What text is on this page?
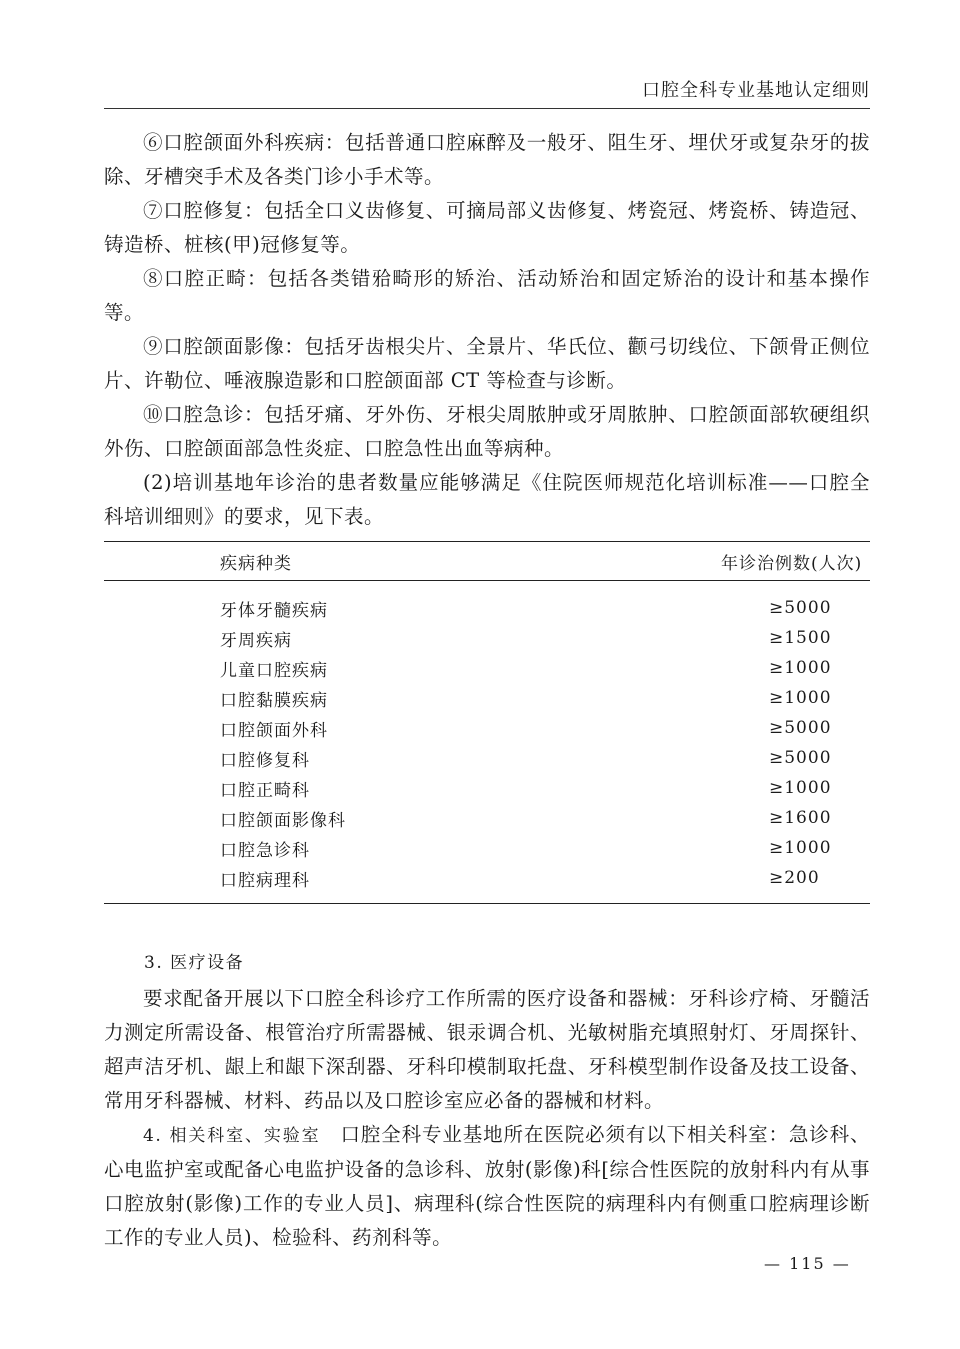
口腔全科专业基地认定细则

⑥口腔颌面外科疾病：包括普通口腔麻醉及一般牙、阻生牙、埋伏牙或复杂牙的拔除、牙槽突手术及各类门诊小手术等。

⑦口腔修复：包括全口义齿修复、可摘局部义齿修复、烤瓷冠、烤瓷桥、铸造冠、铸造桥、桩核(甲)冠修复等。

⑧口腔正畸：包括各类错𬌗畸形的矫治、活动矫治和固定矫治的设计和基本操作等。

⑨口腔颌面影像：包括牙齿根尖片、全景片、华氏位、颧弓切线位、下颌骨正侧位片、许勒位、唾液腺造影和口腔颌面部 CT 等检查与诊断。

⑩口腔急诊：包括牙痛、牙外伤、牙根尖周脓肿或牙周脓肿、口腔颌面部软硬组织外伤、口腔颌面部急性炎症、口腔急性出血等病种。

(2)培训基地年诊治的患者数量应能够满足《住院医师规范化培训标准——口腔全科培训细则》的要求，见下表。

疾病种类	年诊治例数(人次)
牙体牙髓疾病	≥5000
牙周疾病	≥1500
儿童口腔疾病	≥1000
口腔黏膜疾病	≥1000
口腔颌面外科	≥5000
口腔修复科	≥5000
口腔正畸科	≥1000
口腔颌面影像科	≥1600
口腔急诊科	≥1000
口腔病理科	≥200
3. 医疗设备

要求配备开展以下口腔全科诊疗工作所需的医疗设备和器械：牙科诊疗椅、牙髓活力测定所需设备、根管治疗所需器械、银汞调合机、光敏树脂充填照射灯、牙周探针、超声洁牙机、龈上和龈下深刮器、牙科印模制取托盘、牙科模型制作设备及技工设备、常用牙科器械、材料、药品以及口腔诊室应必备的器械和材料。

4. 相关科室、实验室 口腔全科专业基地所在医院必须有以下相关科室：急诊科、心电监护室或配备心电监护设备的急诊科、放射(影像)科[综合性医院的放射科内有从事口腔放射(影像)工作的专业人员]、病理科(综合性医院的病理科内有侧重口腔病理诊断工作的专业人员)、检验科、药剂科等。

— 115 —
